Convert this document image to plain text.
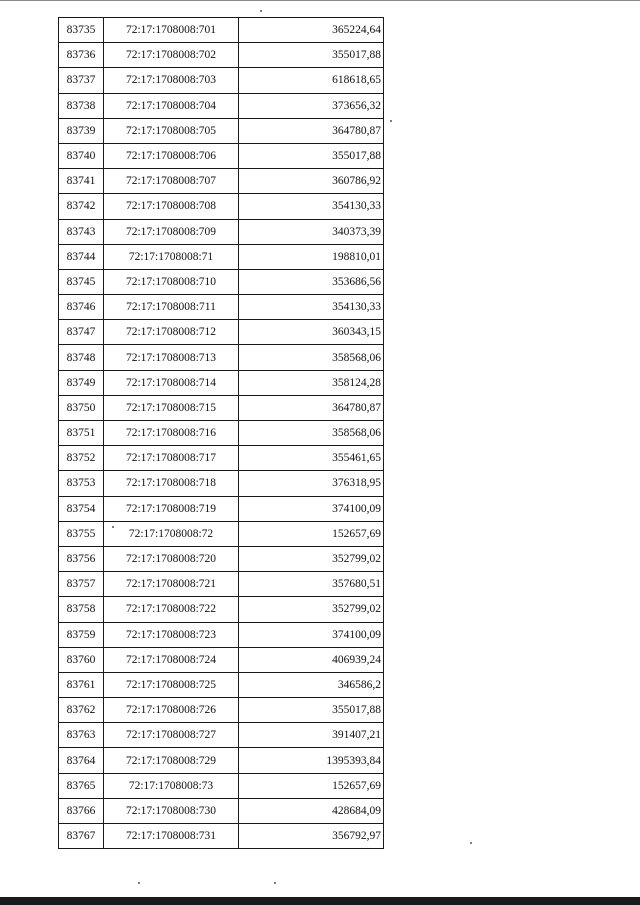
83735	72:17:1708008:701	365224,64
83736	72:17:1708008:702	355017,88
83737	72:17:1708008:703	618618,65
83738	72:17:1708008:704	373656,32
83739	72:17:1708008:705	364780,87
83740	72:17:1708008:706	355017,88
83741	72:17:1708008:707	360786,92
83742	72:17:1708008:708	354130,33
83743	72:17:1708008:709	340373,39
83744	72:17:1708008:71	198810,01
83745	72:17:1708008:710	353686,56
83746	72:17:1708008:711	354130,33
83747	72:17:1708008:712	360343,15
83748	72:17:1708008:713	358568,06
83749	72:17:1708008:714	358124,28
83750	72:17:1708008:715	364780,87
83751	72:17:1708008:716	358568,06
83752	72:17:1708008:717	355461,65
83753	72:17:1708008:718	376318,95
83754	72:17:1708008:719	374100,09
83755	72:17:1708008:72	152657,69
83756	72:17:1708008:720	352799,02
83757	72:17:1708008:721	357680,51
83758	72:17:1708008:722	352799,02
83759	72:17:1708008:723	374100,09
83760	72:17:1708008:724	406939,24
83761	72:17:1708008:725	346586,2
83762	72:17:1708008:726	355017,88
83763	72:17:1708008:727	391407,21
83764	72:17:1708008:729	1395393,84
83765	72:17:1708008:73	152657,69
83766	72:17:1708008:730	428684,09
83767	72:17:1708008:731	356792,97
